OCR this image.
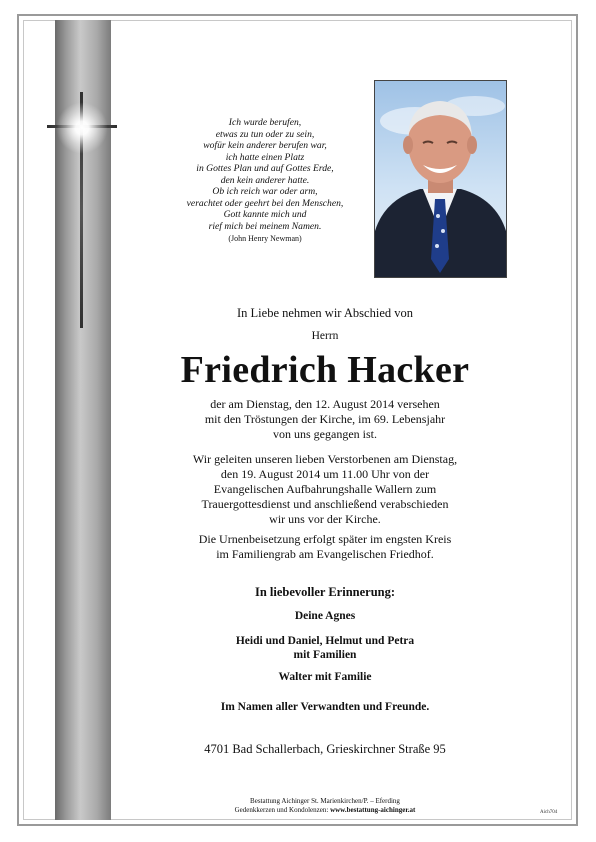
Ich wurde berufen,
etwas zu tun oder zu sein,
wofür kein anderer berufen war,
ich hatte einen Platz
in Gottes Plan und auf Gottes Erde,
den kein anderer hatte.
Ob ich reich war oder arm,
verachtet oder geehrt bei den Menschen,
Gott kannte mich und
rief mich bei meinem Namen.
(John Henry Newman)
In Liebe nehmen wir Abschied von
Herrn
Friedrich Hacker
der am Dienstag, den 12. August 2014 versehen
mit den Tröstungen der Kirche, im 69. Lebensjahr
von uns gegangen ist.
Wir geleiten unseren lieben Verstorbenen am Dienstag,
den 19. August 2014 um 11.00 Uhr von der
Evangelischen Aufbahrungshalle Wallern zum
Trauergottesdienst und anschließend verabschieden
wir uns vor der Kirche.
Die Urnenbeisetzung erfolgt später im engsten Kreis
im Familiengrab am Evangelischen Friedhof.
In liebevoller Erinnerung:
Deine Agnes
Heidi und Daniel, Helmut und Petra
mit Familien
Walter mit Familie
Im Namen aller Verwandten und Freunde.
4701 Bad Schallerbach, Grieskirchner Straße 95
Bestattung Aichinger St. Marienkirchen/P. – Eferding
Gedenkkerzen und Kondolenzen: www.bestattung-aichinger.at	Aich704
